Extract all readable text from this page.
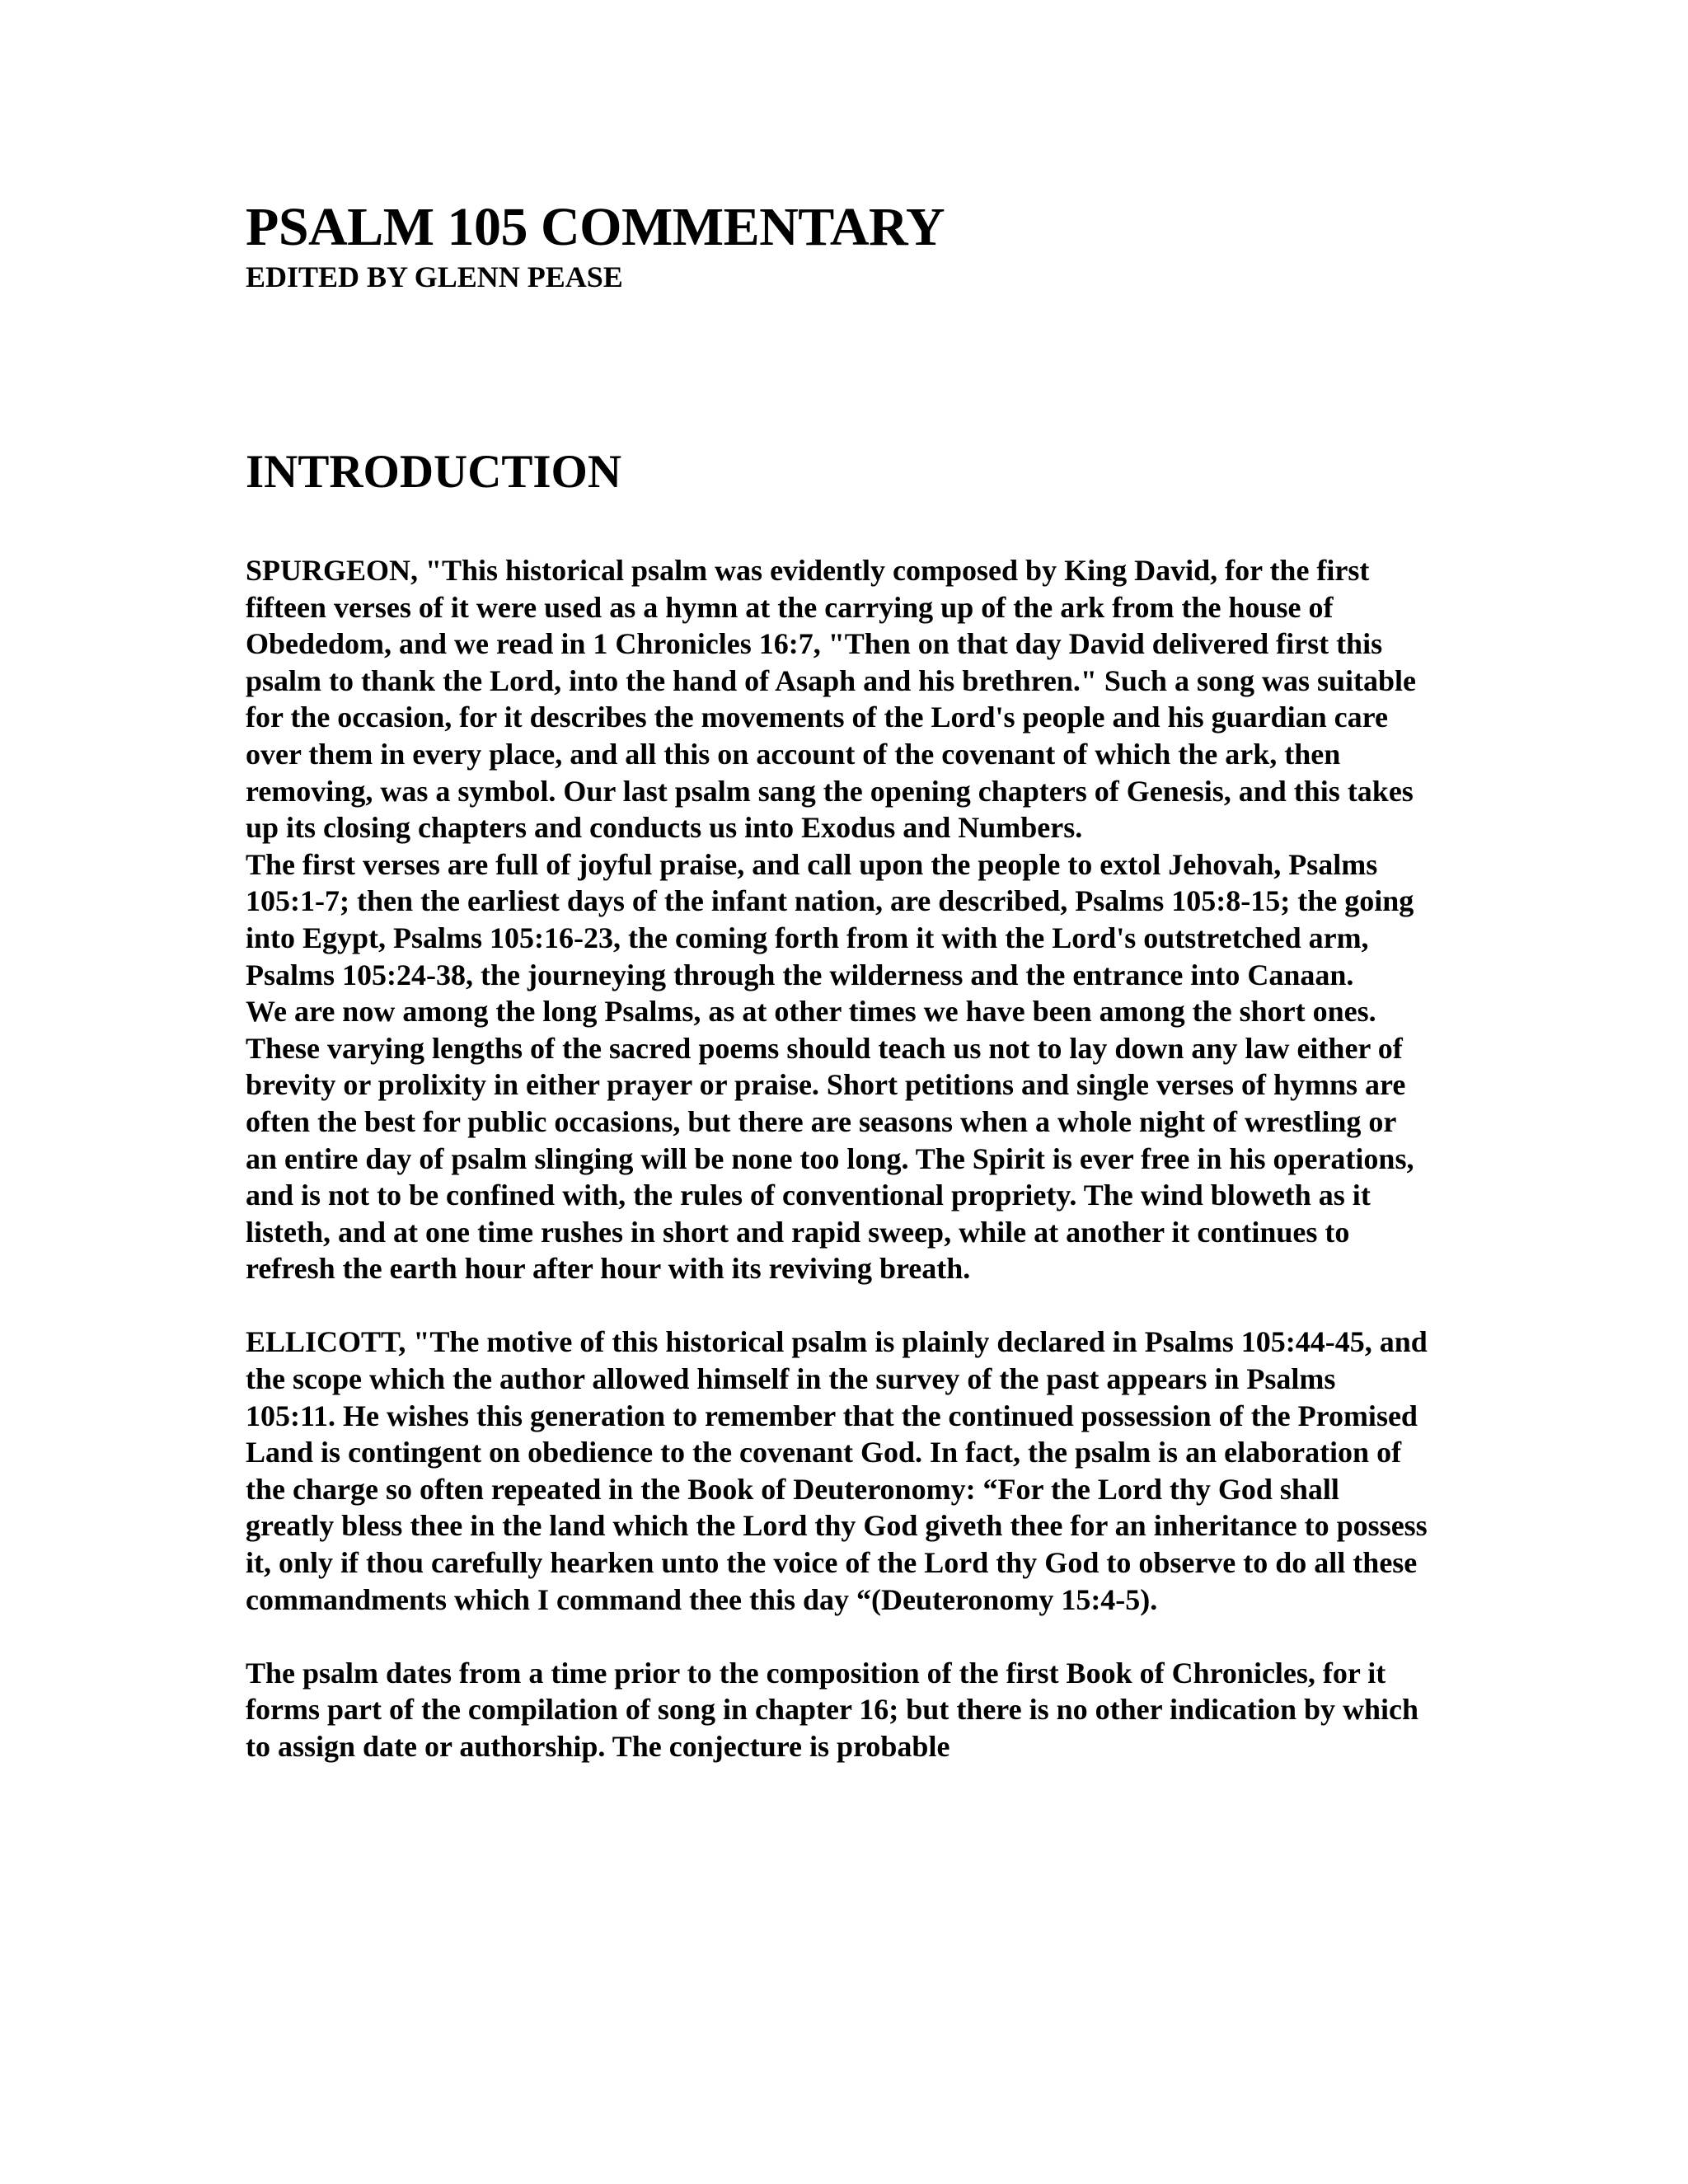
PSALM 105 COMMENTARY
EDITED BY GLENN PEASE
INTRODUCTION

SPURGEON, "This historical psalm was evidently composed by King David, for the first fifteen verses of it were used as a hymn at the carrying up of the ark from the house of Obededom, and we read in 1 Chronicles 16:7, "Then on that day David delivered first this psalm to thank the Lord, into the hand of Asaph and his brethren." Such a song was suitable for the occasion, for it describes the movements of the Lord's people and his guardian care over them in every place, and all this on account of the covenant of which the ark, then removing, was a symbol. Our last psalm sang the opening chapters of Genesis, and this takes up its closing chapters and conducts us into Exodus and Numbers.

The first verses are full of joyful praise, and call upon the people to extol Jehovah, Psalms 105:1-7; then the earliest days of the infant nation, are described, Psalms 105:8-15; the going into Egypt, Psalms 105:16-23, the coming forth from it with the Lord's outstretched arm, Psalms 105:24-38, the journeying through the wilderness and the entrance into Canaan.

We are now among the long Psalms, as at other times we have been among the short ones. These varying lengths of the sacred poems should teach us not to lay down any law either of brevity or prolixity in either prayer or praise. Short petitions and single verses of hymns are often the best for public occasions, but there are seasons when a whole night of wrestling or an entire day of psalm slinging will be none too long. The Spirit is ever free in his operations, and is not to be confined with, the rules of conventional propriety. The wind bloweth as it listeth, and at one time rushes in short and rapid sweep, while at another it continues to refresh the earth hour after hour with its reviving breath.

ELLICOTT, "The motive of this historical psalm is plainly declared in Psalms 105:44-45, and the scope which the author allowed himself in the survey of the past appears in Psalms 105:11. He wishes this generation to remember that the continued possession of the Promised Land is contingent on obedience to the covenant God. In fact, the psalm is an elaboration of the charge so often repeated in the Book of Deuteronomy: “For the Lord thy God shall greatly bless thee in the land which the Lord thy God giveth thee for an inheritance to possess it, only if thou carefully hearken unto the voice of the Lord thy God to observe to do all these commandments which I command thee this day “(Deuteronomy 15:4-5).

The psalm dates from a time prior to the composition of the first Book of Chronicles, for it forms part of the compilation of song in chapter 16; but there is no other indication by which to assign date or authorship. The conjecture is probable
